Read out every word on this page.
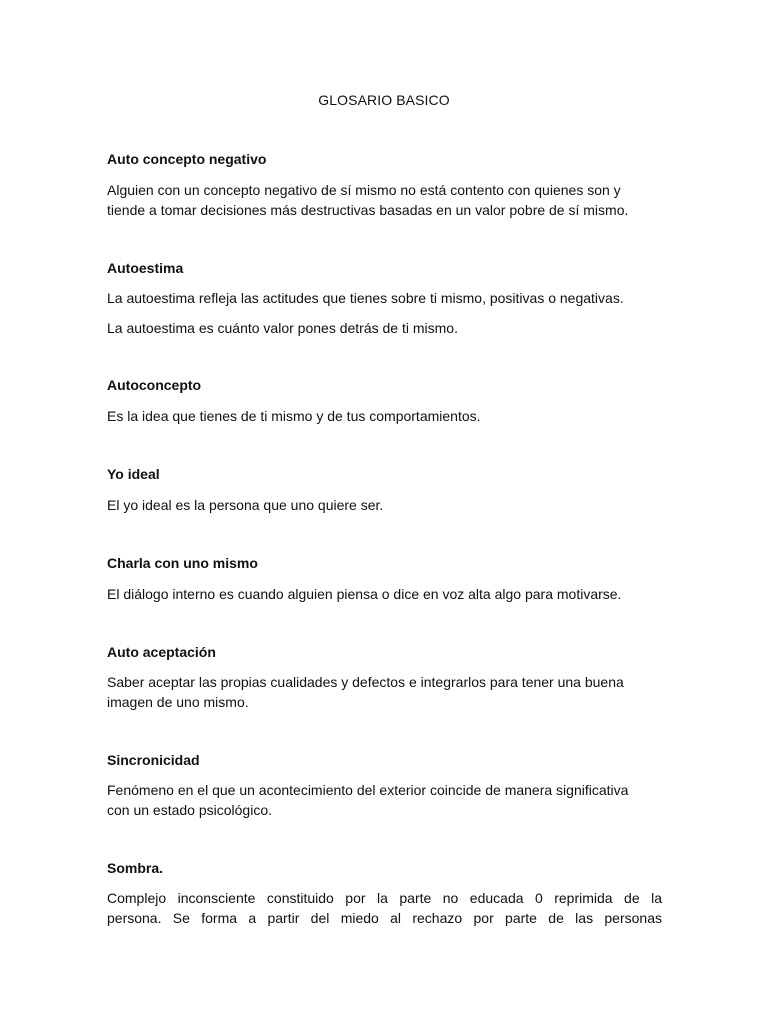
GLOSARIO BASICO
Auto concepto negativo
Alguien con un concepto negativo de sí mismo no está contento con quienes son y
tiende a tomar decisiones más destructivas basadas en un valor pobre de sí mismo.
Autoestima
La autoestima refleja las actitudes que tienes sobre ti mismo, positivas o negativas.
La autoestima es cuánto valor pones detrás de ti mismo.
Autoconcepto
Es la idea que tienes de ti mismo y de tus comportamientos.
Yo ideal
El yo ideal es la persona que uno quiere ser.
Charla con uno mismo
El diálogo interno es cuando alguien piensa o dice en voz alta algo para motivarse.
Auto aceptación
Saber aceptar las propias cualidades y defectos e integrarlos para tener una buena
imagen de uno mismo.
Sincronicidad
Fenómeno en el que un acontecimiento del exterior coincide de manera significativa
con un estado psicológico.
Sombra.
Complejo inconsciente constituido por la parte no educada 0 reprimida de la
persona. Se forma a partir del miedo al rechazo por parte de las personas
